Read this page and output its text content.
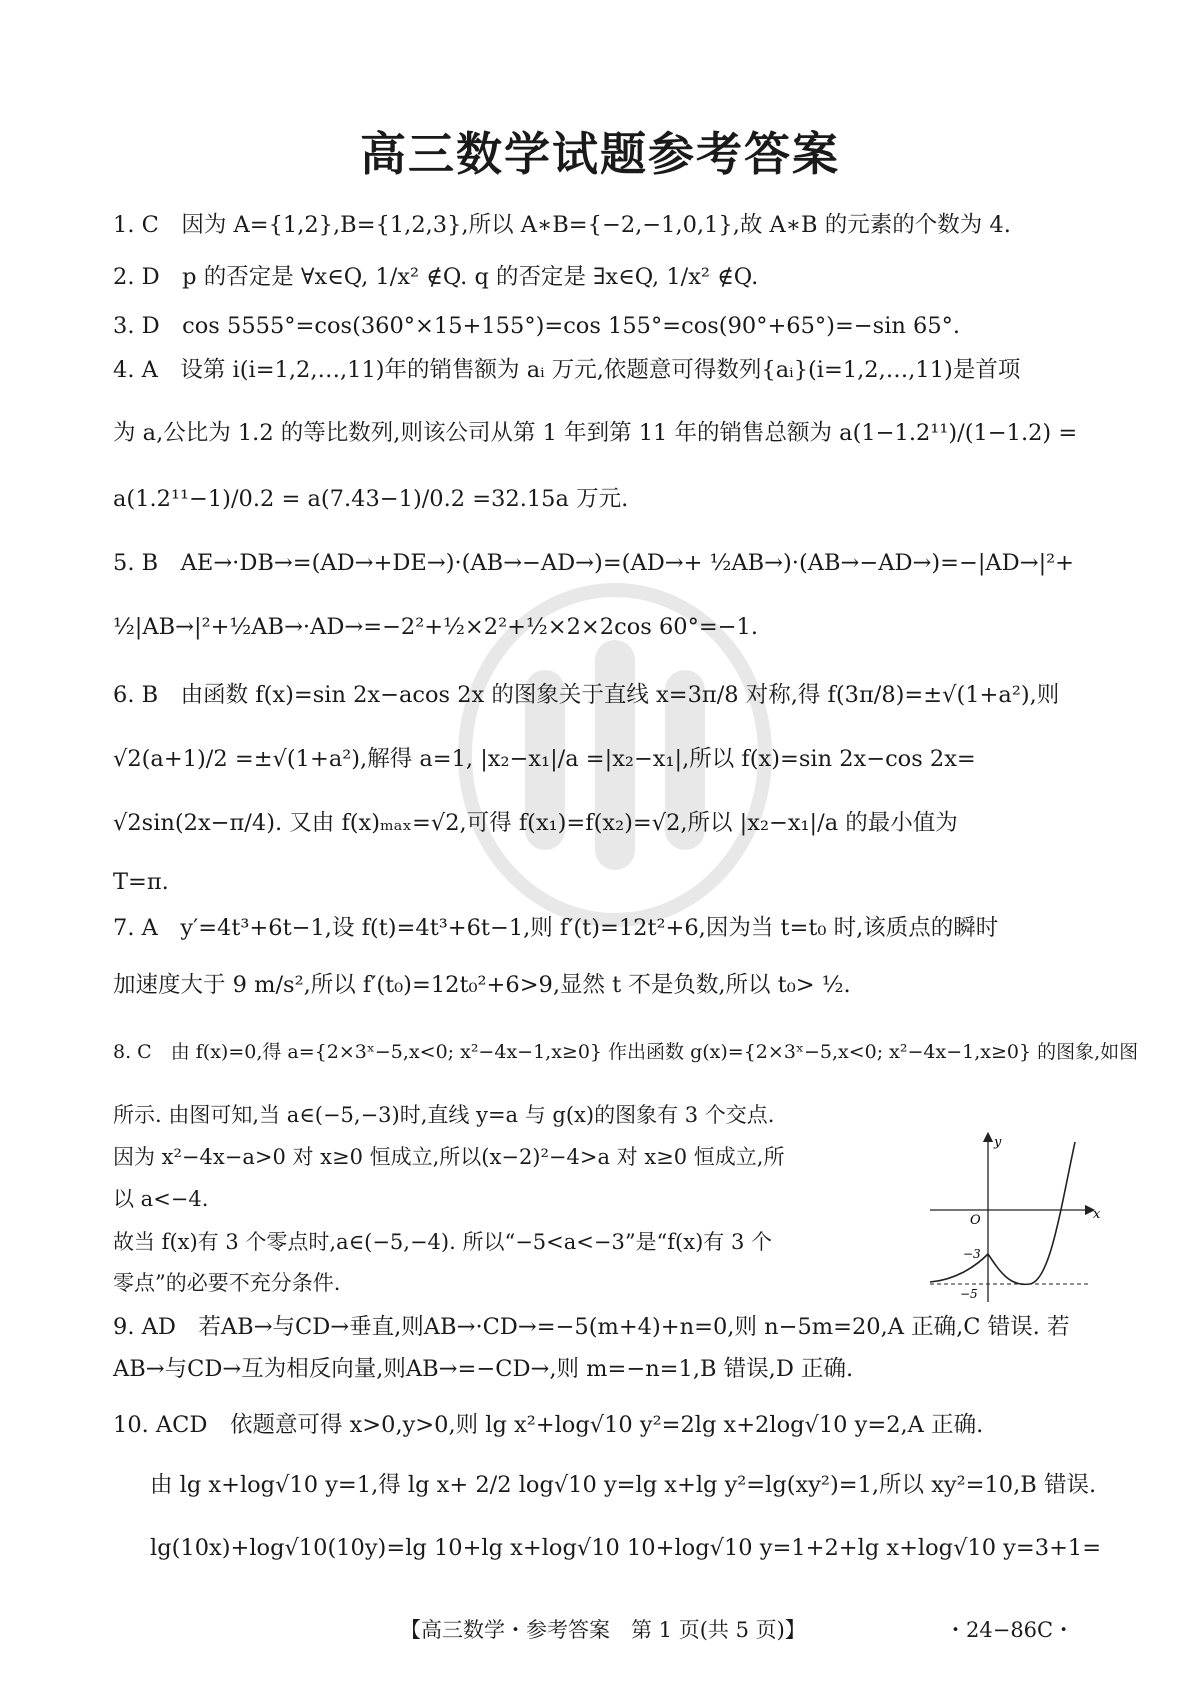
高三数学试题参考答案
1. C　因为 A={1,2},B={1,2,3},所以 A∗B={−2,−1,0,1},故 A∗B 的元素的个数为 4.
2. D　p 的否定是 ∀x∈Q, 1/x² ∉Q. q 的否定是 ∃x∈Q, 1/x² ∉Q.
3. D　cos 5555°=cos(360°×15+155°)=cos 155°=cos(90°+65°)=−sin 65°.
4. A　设第 i(i=1,2,…,11)年的销售额为 aᵢ 万元,依题意可得数列{aᵢ}(i=1,2,…,11)是首项
为 a,公比为 1.2 的等比数列,则该公司从第 1 年到第 11 年的销售总额为 a(1−1.2¹¹)/(1−1.2) =
a(1.2¹¹−1)/0.2 = a(7.43−1)/0.2 =32.15a 万元.
5. B　AE→·DB→=(AD→+DE→)·(AB→−AD→)=(AD→+ ½AB→)·(AB→−AD→)=−|AD→|²+
½|AB→|²+½AB→·AD→=−2²+½×2²+½×2×2cos 60°=−1.
6. B　由函数 f(x)=sin 2x−acos 2x 的图象关于直线 x=3π/8 对称,得 f(3π/8)=±√(1+a²),则
√2(a+1)/2 =±√(1+a²),解得 a=1, |x₂−x₁|/a =|x₂−x₁|,所以 f(x)=sin 2x−cos 2x=
√2sin(2x−π/4). 又由 f(x)ₘₐₓ=√2,可得 f(x₁)=f(x₂)=√2,所以 |x₂−x₁|/a 的最小值为
T=π.
7. A　y′=4t³+6t−1,设 f(t)=4t³+6t−1,则 f′(t)=12t²+6,因为当 t=t₀ 时,该质点的瞬时
加速度大于 9 m/s²,所以 f′(t₀)=12t₀²+6>9,显然 t 不是负数,所以 t₀> ½.
8. C　由 f(x)=0,得 a={2×3ˣ−5,x<0; x²−4x−1,x≥0} 作出函数 g(x)={2×3ˣ−5,x<0; x²−4x−1,x≥0} 的图象,如图
所示. 由图可知,当 a∈(−5,−3)时,直线 y=a 与 g(x)的图象有 3 个交点.
因为 x²−4x−a>0 对 x≥0 恒成立,所以(x−2)²−4>a 对 x≥0 恒成立,所
以 a<−4.
故当 f(x)有 3 个零点时,a∈(−5,−4). 所以“−5<a<−3”是“f(x)有 3 个
零点”的必要不充分条件.
9. AD　若AB→与CD→垂直,则AB→·CD→=−5(m+4)+n=0,则 n−5m=20,A 正确,C 错误. 若
AB→与CD→互为相反向量,则AB→=−CD→,则 m=−n=1,B 错误,D 正确.
10. ACD　依题意可得 x>0,y>0,则 lg x²+log√10 y²=2lg x+2log√10 y=2,A 正确.
由 lg x+log√10 y=1,得 lg x+ 2/2 log√10 y=lg x+lg y²=lg(xy²)=1,所以 xy²=10,B 错误.
lg(10x)+log√10(10y)=lg 10+lg x+log√10 10+log√10 y=1+2+lg x+log√10 y=3+1=
x
y
O
−3
−5
【高三数学・参考答案　第 1 页(共 5 页)】	・24−86C・
